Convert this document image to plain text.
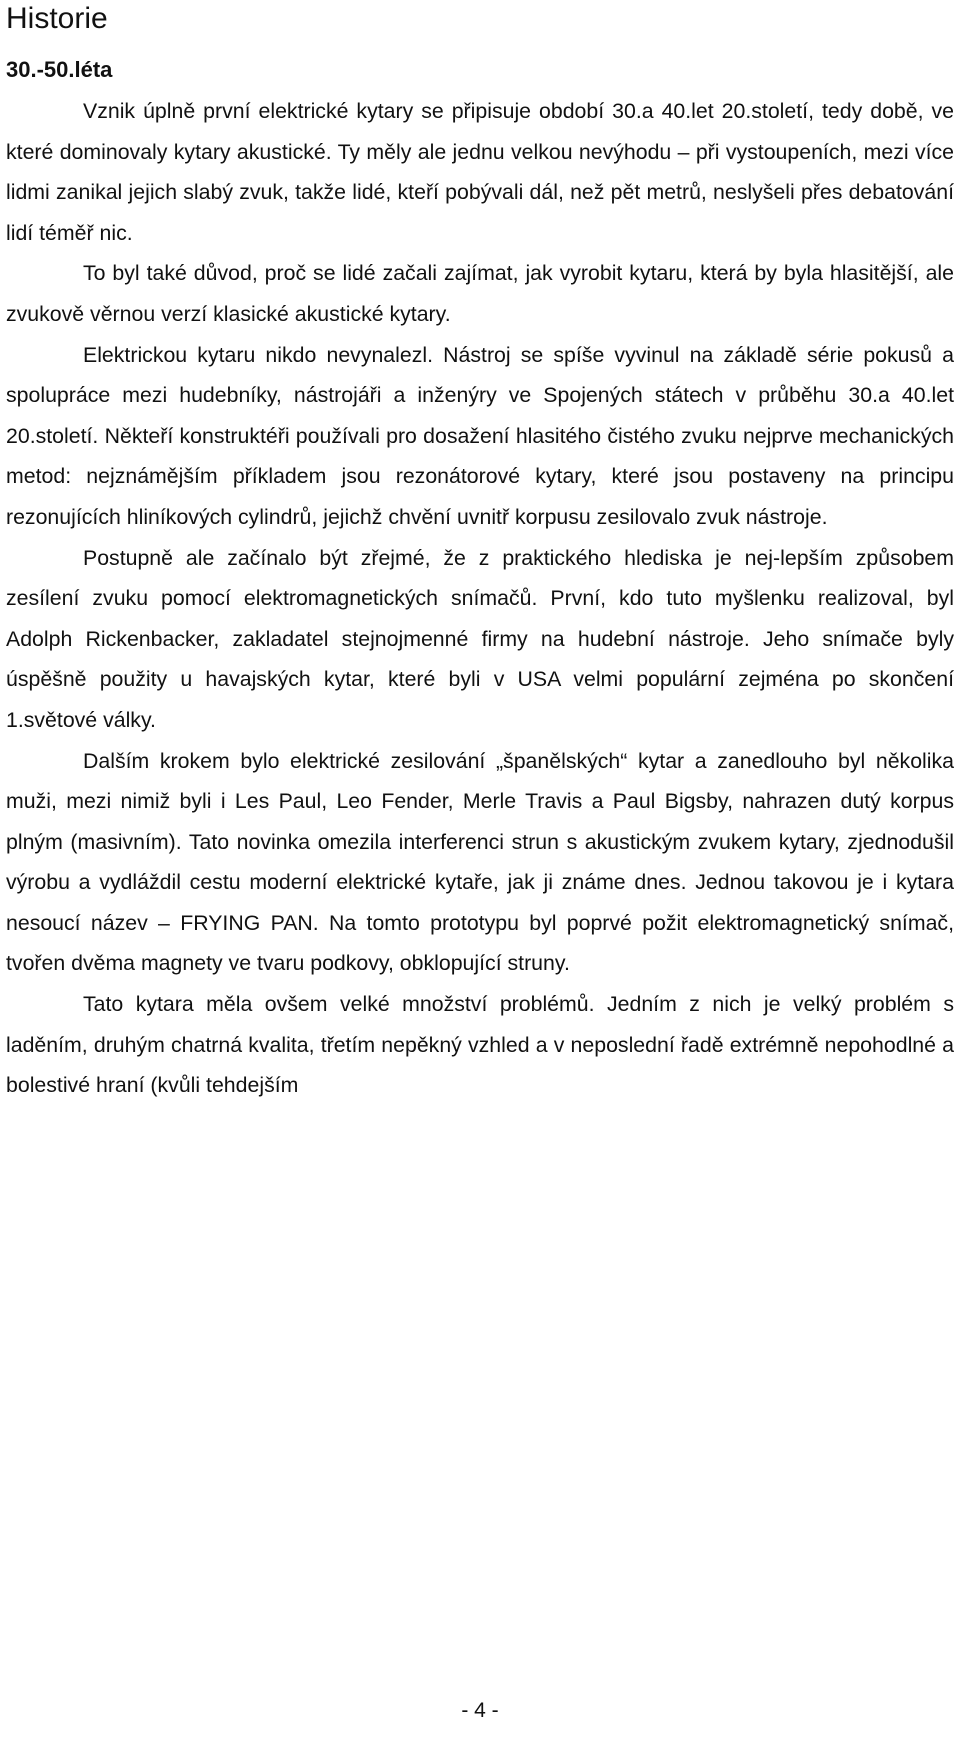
Historie
30.-50.léta

Vznik úplně první elektrické kytary se připisuje období 30.a 40.let 20.století, tedy době, ve které dominovaly kytary akustické. Ty měly ale jednu velkou nevýhodu – při vystoupeních, mezi více lidmi zanikal jejich slabý zvuk, takže lidé, kteří pobývali dál, než pět metrů, neslyšeli přes debatování lidí téměř nic.

To byl také důvod, proč se lidé začali zajímat, jak vyrobit kytaru, která by byla hlasitější, ale zvukově věrnou verzí klasické akustické kytary.

Elektrickou kytaru nikdo nevynalezl. Nástroj se spíše vyvinul na základě série pokusů a spolupráce mezi hudebníky, nástrojáři a inženýry ve Spojených státech v průběhu 30.a 40.let 20.století. Někteří konstruktéři používali pro dosažení hlasitého čistého zvuku nejprve mechanických metod: nejznámějším příkladem jsou rezonátorové kytary, které jsou postaveny na principu rezonujících hliníkových cylindrů, jejichž chvění uvnitř korpusu zesilovalo zvuk nástroje.

Postupně ale začínalo být zřejmé, že z praktického hlediska je nej-lepším způsobem zesílení zvuku pomocí elektromagnetických snímačů. První, kdo tuto myšlenku realizoval, byl Adolph Rickenbacker, zakladatel stejnojmenné firmy na hudební nástroje. Jeho snímače byly úspěšně použity u havajských kytar, které byli v USA velmi populární zejména po skončení 1.světové války.

Dalším krokem bylo elektrické zesilování „španělských“ kytar a zanedlouho byl několika muži, mezi nimiž byli i Les Paul, Leo Fender, Merle Travis a Paul Bigsby, nahrazen dutý korpus plným (masivním). Tato novinka omezila interferenci strun s akustickým zvukem kytary, zjednodušil výrobu a vydláždil cestu moderní elektrické kytaře, jak ji známe dnes. Jednou takovou je i kytara nesoucí název – FRYING PAN. Na tomto prototypu byl poprvé požit elektromagnetický snímač, tvořen dvěma magnety ve tvaru podkovy, obklopující struny.

Tato kytara měla ovšem velké množství problémů. Jedním z nich je velký problém s laděním, druhým chatrná kvalita, třetím nepěkný vzhled a v neposlední řadě extrémně nepohodlné a bolestivé hraní (kvůli tehdejším

- 4 -
